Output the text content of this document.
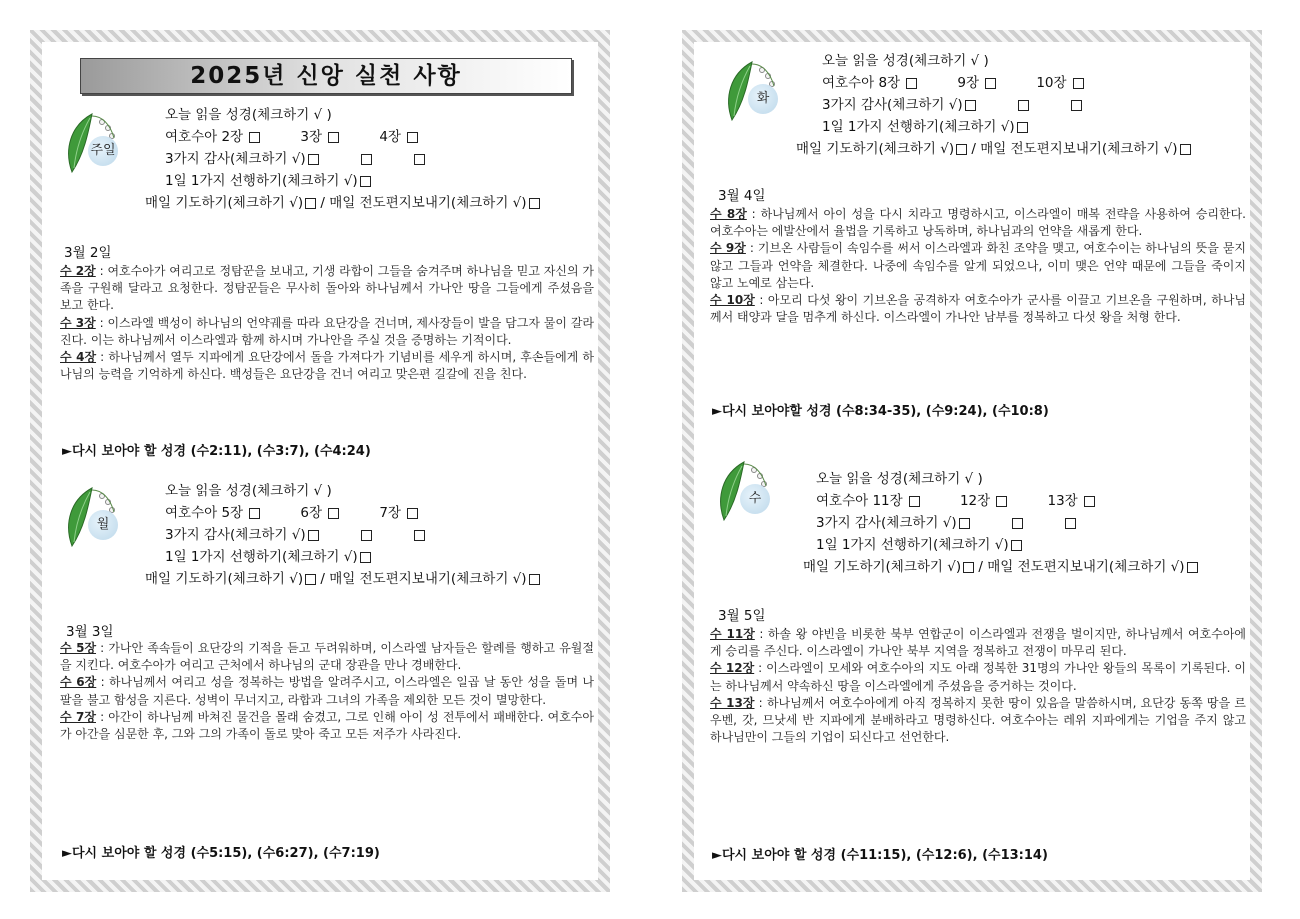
2025년 신앙 실천 사항
주일
오늘 읽을 성경(체크하기 √ )
여호수아 2장	3장	4장
3가지 감사(체크하기 √)
1일 1가지 선행하기(체크하기 √)
매일 기도하기(체크하기 √) / 매일 전도편지보내기(체크하기 √)
3월 2일
수 2장 : 여호수아가 여리고로 정탐꾼을 보내고, 기생 라합이 그들을 숨겨주며 하나님을 믿고 자신의 가족을 구원해 달라고 요청한다. 정탐꾼들은 무사히 돌아와 하나님께서 가나안 땅을 그들에게 주셨음을 보고 한다.
수 3장 : 이스라엘 백성이 하나님의 언약궤를 따라 요단강을 건너며, 제사장들이 발을 담그자 물이 갈라진다. 이는 하나님께서 이스라엘과 함께 하시며 가나안을 주실 것을 증명하는 기적이다.
수 4장 : 하나님께서 열두 지파에게 요단강에서 돌을 가져다가 기념비를 세우게 하시며, 후손들에게 하나님의 능력을 기억하게 하신다. 백성들은 요단강을 건너 여리고 맞은편 길갈에 진을 친다.
►다시 보아야 할 성경 (수2:11), (수3:7), (수4:24)
월
오늘 읽을 성경(체크하기 √ )
여호수아 5장	6장	7장
3가지 감사(체크하기 √)
1일 1가지 선행하기(체크하기 √)
매일 기도하기(체크하기 √) / 매일 전도편지보내기(체크하기 √)
3월 3일
수 5장 : 가나안 족속들이 요단강의 기적을 듣고 두려워하며, 이스라엘 남자들은 할례를 행하고 유월절을 지킨다. 여호수아가 여리고 근처에서 하나님의 군대 장관을 만나 경배한다.
수 6장 : 하나님께서 여리고 성을 정복하는 방법을 알려주시고, 이스라엘은 일곱 날 동안 성을 돌며 나팔을 불고 함성을 지른다. 성벽이 무너지고, 라합과 그녀의 가족을 제외한 모든 것이 멸망한다.
수 7장 : 아간이 하나님께 바쳐진 물건을 몰래 숨겼고, 그로 인해 아이 성 전투에서 패배한다. 여호수아가 아간을 심문한 후, 그와 그의 가족이 돌로 맞아 죽고 모든 저주가 사라진다.
►다시 보아야 할 성경 (수5:15), (수6:27), (수7:19)
화
오늘 읽을 성경(체크하기 √ )
여호수아 8장	9장	10장
3가지 감사(체크하기 √)
1일 1가지 선행하기(체크하기 √)
매일 기도하기(체크하기 √) / 매일 전도편지보내기(체크하기 √)
3월 4일
수 8장 : 하나님께서 아이 성을 다시 치라고 명령하시고, 이스라엘이 매복 전략을 사용하여 승리한다. 여호수아는 에발산에서 율법을 기록하고 낭독하며, 하나님과의 언약을 새롭게 한다.
수 9장 : 기브온 사람들이 속임수를 써서 이스라엘과 화친 조약을 맺고, 여호수이는 하나님의 뜻을 묻지 않고 그들과 언약을 체결한다. 나중에 속임수를 알게 되었으나, 이미 맺은 언약 때문에 그들을 죽이지 않고 노예로 삼는다.
수 10장 : 아모리 다섯 왕이 기브온을 공격하자 여호수아가 군사를 이끌고 기브온을 구원하며, 하나님께서 태양과 달을 멈추게 하신다. 이스라엘이 가나안 남부를 정복하고 다섯 왕을 처형 한다.
►다시 보아야할 성경 (수8:34-35), (수9:24), (수10:8)
수
오늘 읽을 성경(체크하기 √ )
여호수아 11장	12장	13장
3가지 감사(체크하기 √)
1일 1가지 선행하기(체크하기 √)
매일 기도하기(체크하기 √) / 매일 전도편지보내기(체크하기 √)
3월 5일
수 11장 : 하솔 왕 야빈을 비롯한 북부 연합군이 이스라엘과 전쟁을 벌이지만, 하나님께서 여호수아에게 승리를 주신다. 이스라엘이 가나안 북부 지역을 정복하고 전쟁이 마무리 된다.
수 12장 : 이스라엘이 모세와 여호수아의 지도 아래 정복한 31명의 가나안 왕들의 목록이 기록된다. 이는 하나님께서 약속하신 땅을 이스라엘에게 주셨음을 증거하는 것이다.
수 13장 : 하나님께서 여호수아에게 아직 정복하지 못한 땅이 있음을 말씀하시며, 요단강 동쪽 땅을 르우벤, 갓, 므낫세 반 지파에게 분배하라고 명령하신다. 여호수아는 레위 지파에게는 기업을 주지 않고 하나님만이 그들의 기업이 되신다고 선언한다.
►다시 보아야 할 성경 (수11:15), (수12:6), (수13:14)
